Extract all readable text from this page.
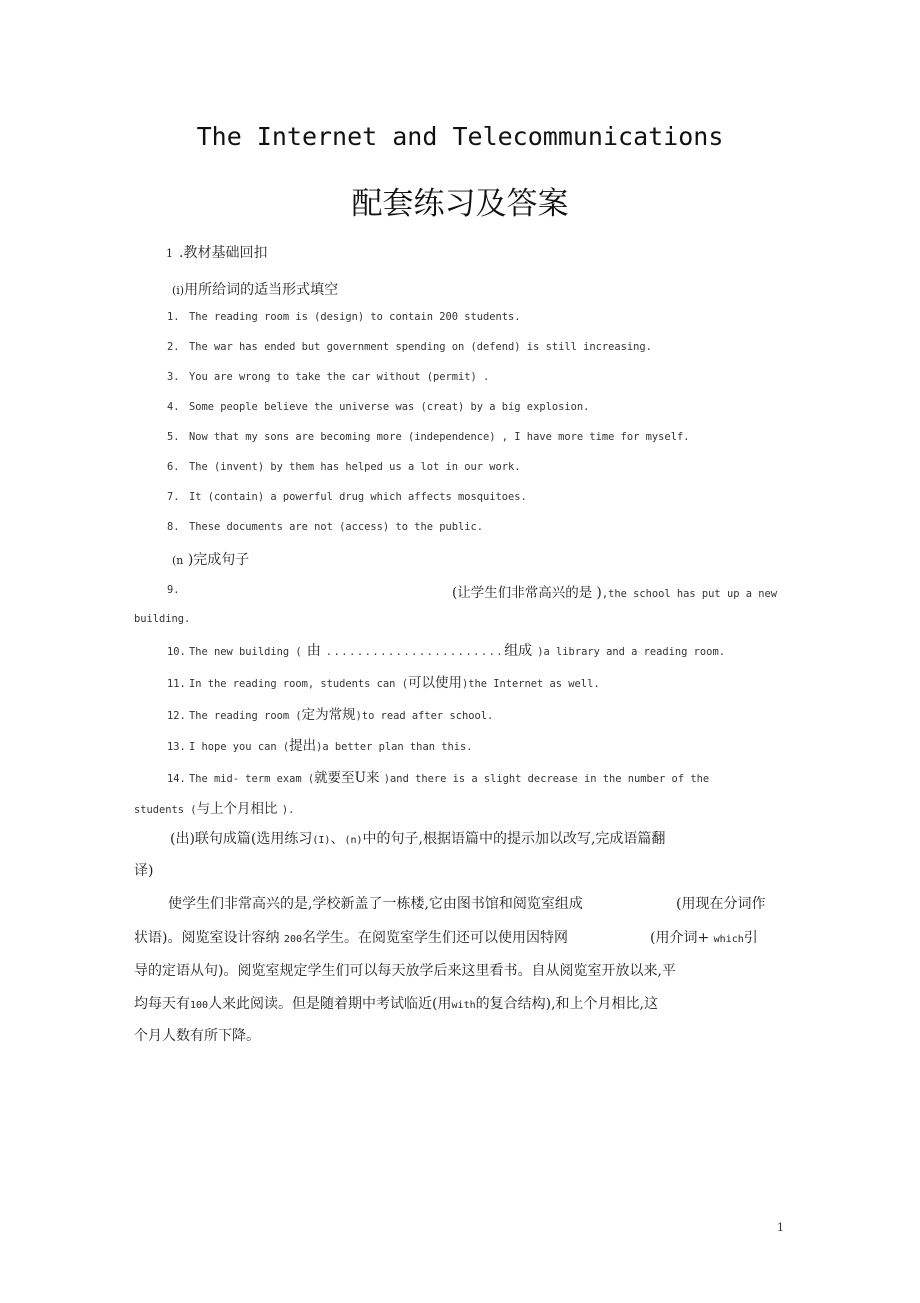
The Internet and Telecommunications
配套练习及答案
1 .教材基础回扣
(i)用所给词的适当形式填空
1. The reading room is (design) to contain 200 students.
2. The war has ended but government spending on (defend) is still increasing.
3. You are wrong to take the car without (permit) .
4. Some people believe the universe was (creat) by a big explosion.
5. Now that my sons are becoming more (independence) , I have more time for myself.
6. The (invent) by them has helped us a lot in our work.
7. It (contain) a powerful drug which affects mosquitoes.
8. These documents are not (access) to the public.
(n )完成句子
9.	(让学生们非常高兴的是 ),the school has put up a new
building.
10. The new building ( 由 .......................组成 )a library and a reading room.
11. In the reading room, students can (可以使用)the Internet as well.
12. The reading room (定为常规)to read after school.
13. I hope you can (提出)a better plan than this.
14. The mid- term exam (就要至U来 )and there is a slight decrease in the number of the
students (与上个月相比 ).
(出)联句成篇(选用练习(I)、(n)中的句子,根据语篇中的提示加以改写,完成语篇翻
译)
使学生们非常高兴的是,学校新盖了一栋楼,它由图书馆和阅览室组成	(用现在分词作
状语)。阅览室设计容纳 200名学生。在阅览室学生们还可以使用因特网	(用介词+ which引
导的定语从句)。阅览室规定学生们可以每天放学后来这里看书。自从阅览室开放以来,平
均每天有100人来此阅读。但是随着期中考试临近(用with的复合结构),和上个月相比,这
个月人数有所下降。
1
